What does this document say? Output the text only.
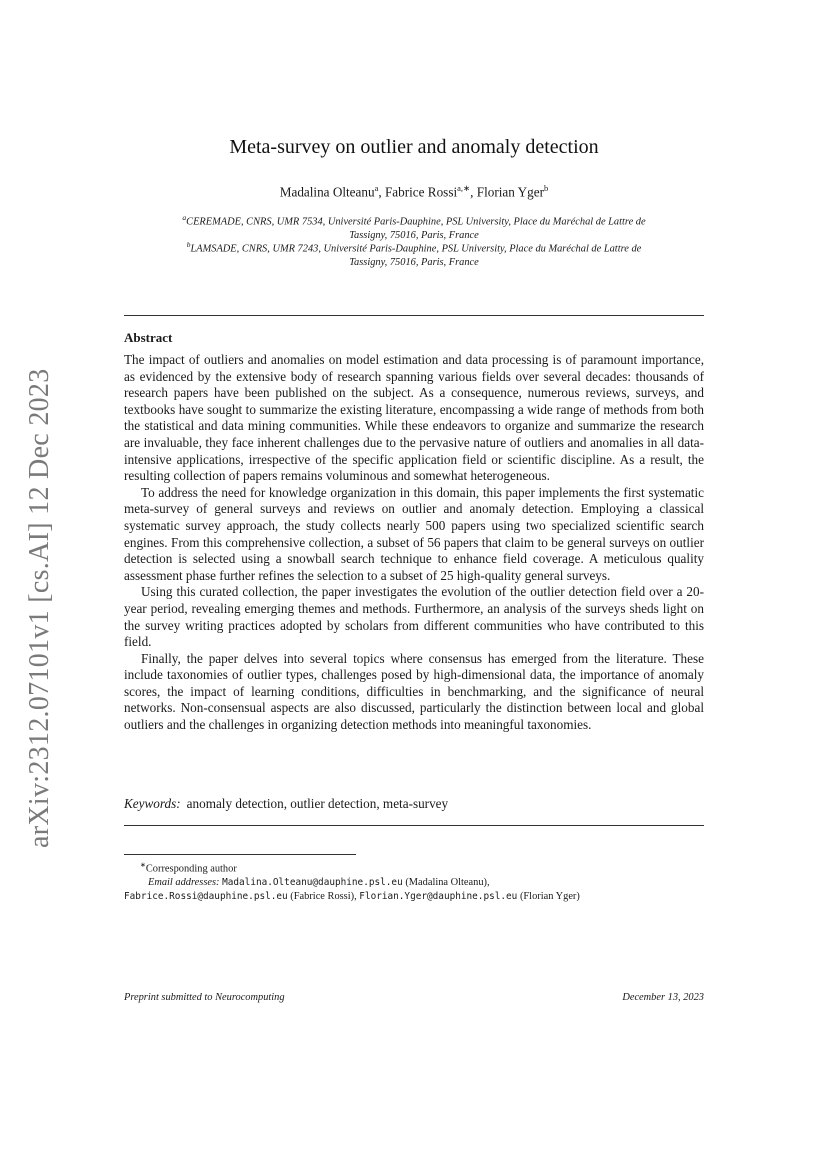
arXiv:2312.07101v1 [cs.AI] 12 Dec 2023
Meta-survey on outlier and anomaly detection
Madalina Olteanu$^a$, Fabrice Rossi$^{a,∗}$, Florian Yger$^b$
$^a$CEREMADE, CNRS, UMR 7534, Université Paris-Dauphine, PSL University, Place du Maréchal de Lattre de
Tassigny, 75016, Paris, France
$^b$LAMSADE, CNRS, UMR 7243, Université Paris-Dauphine, PSL University, Place du Maréchal de Lattre de
Tassigny, 75016, Paris, France
Abstract

The impact of outliers and anomalies on model estimation and data processing is of paramount importance, as evidenced by the extensive body of research spanning various fields over several decades: thousands of research papers have been published on the subject. As a consequence, numerous reviews, surveys, and textbooks have sought to summarize the existing literature, encompassing a wide range of methods from both the statistical and data mining communities. While these endeavors to organize and summarize the research are invaluable, they face inherent challenges due to the pervasive nature of outliers and anomalies in all data-intensive applications, irrespective of the specific application field or scientific discipline. As a result, the resulting collection of papers remains voluminous and somewhat heterogeneous.

To address the need for knowledge organization in this domain, this paper implements the first systematic meta-survey of general surveys and reviews on outlier and anomaly detection. Employing a classical systematic survey approach, the study collects nearly 500 papers using two specialized scientific search engines. From this comprehensive collection, a subset of 56 papers that claim to be general surveys on outlier detection is selected using a snowball search technique to enhance field coverage. A meticulous quality assessment phase further refines the selection to a subset of 25 high-quality general surveys.

Using this curated collection, the paper investigates the evolution of the outlier detection field over a 20-year period, revealing emerging themes and methods. Furthermore, an analysis of the surveys sheds light on the survey writing practices adopted by scholars from different communities who have contributed to this field.

Finally, the paper delves into several topics where consensus has emerged from the literature. These include taxonomies of outlier types, challenges posed by high-dimensional data, the importance of anomaly scores, the impact of learning conditions, difficulties in benchmarking, and the significance of neural networks. Non-consensual aspects are also discussed, particularly the distinction between local and global outliers and the challenges in organizing detection methods into meaningful taxonomies.

Keywords: anomaly detection, outlier detection, meta-survey
∗Corresponding author
Email addresses: Madalina.Olteanu@dauphine.psl.eu (Madalina Olteanu),
Fabrice.Rossi@dauphine.psl.eu (Fabrice Rossi), Florian.Yger@dauphine.psl.eu (Florian Yger)
Preprint submitted to Neurocomputing	December 13, 2023
